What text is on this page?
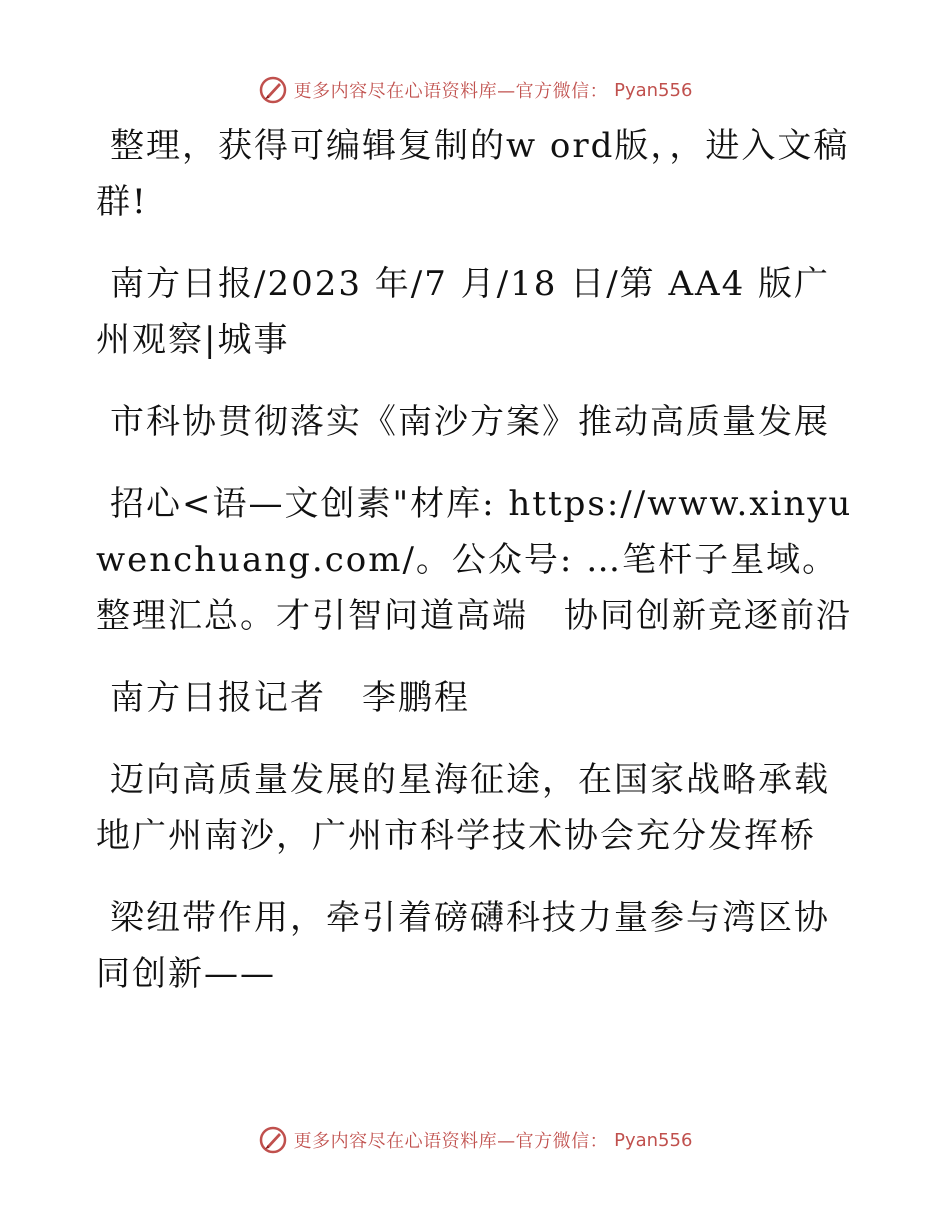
更多内容尽在心语资料库—官方微信： Pyan556

整理，获得可编辑复制的w ord版，，进入文稿群!

南方日报/2023 年/7 月/18 日/第 AA4 版广州观察|城事

市科协贯彻落实《南沙方案》推动高质量发展

招心<语—文创素"材库: https://www.xinyuwenchuang.com/。公众号: …笔杆子星域。整理汇总。才引智问道高端　协同创新竞逐前沿

南方日报记者　李鹏程

迈向高质量发展的星海征途，在国家战略承载地广州南沙，广州市科学技术协会充分发挥桥

梁纽带作用，牵引着磅礴科技力量参与湾区协同创新——

更多内容尽在心语资料库—官方微信： Pyan556
